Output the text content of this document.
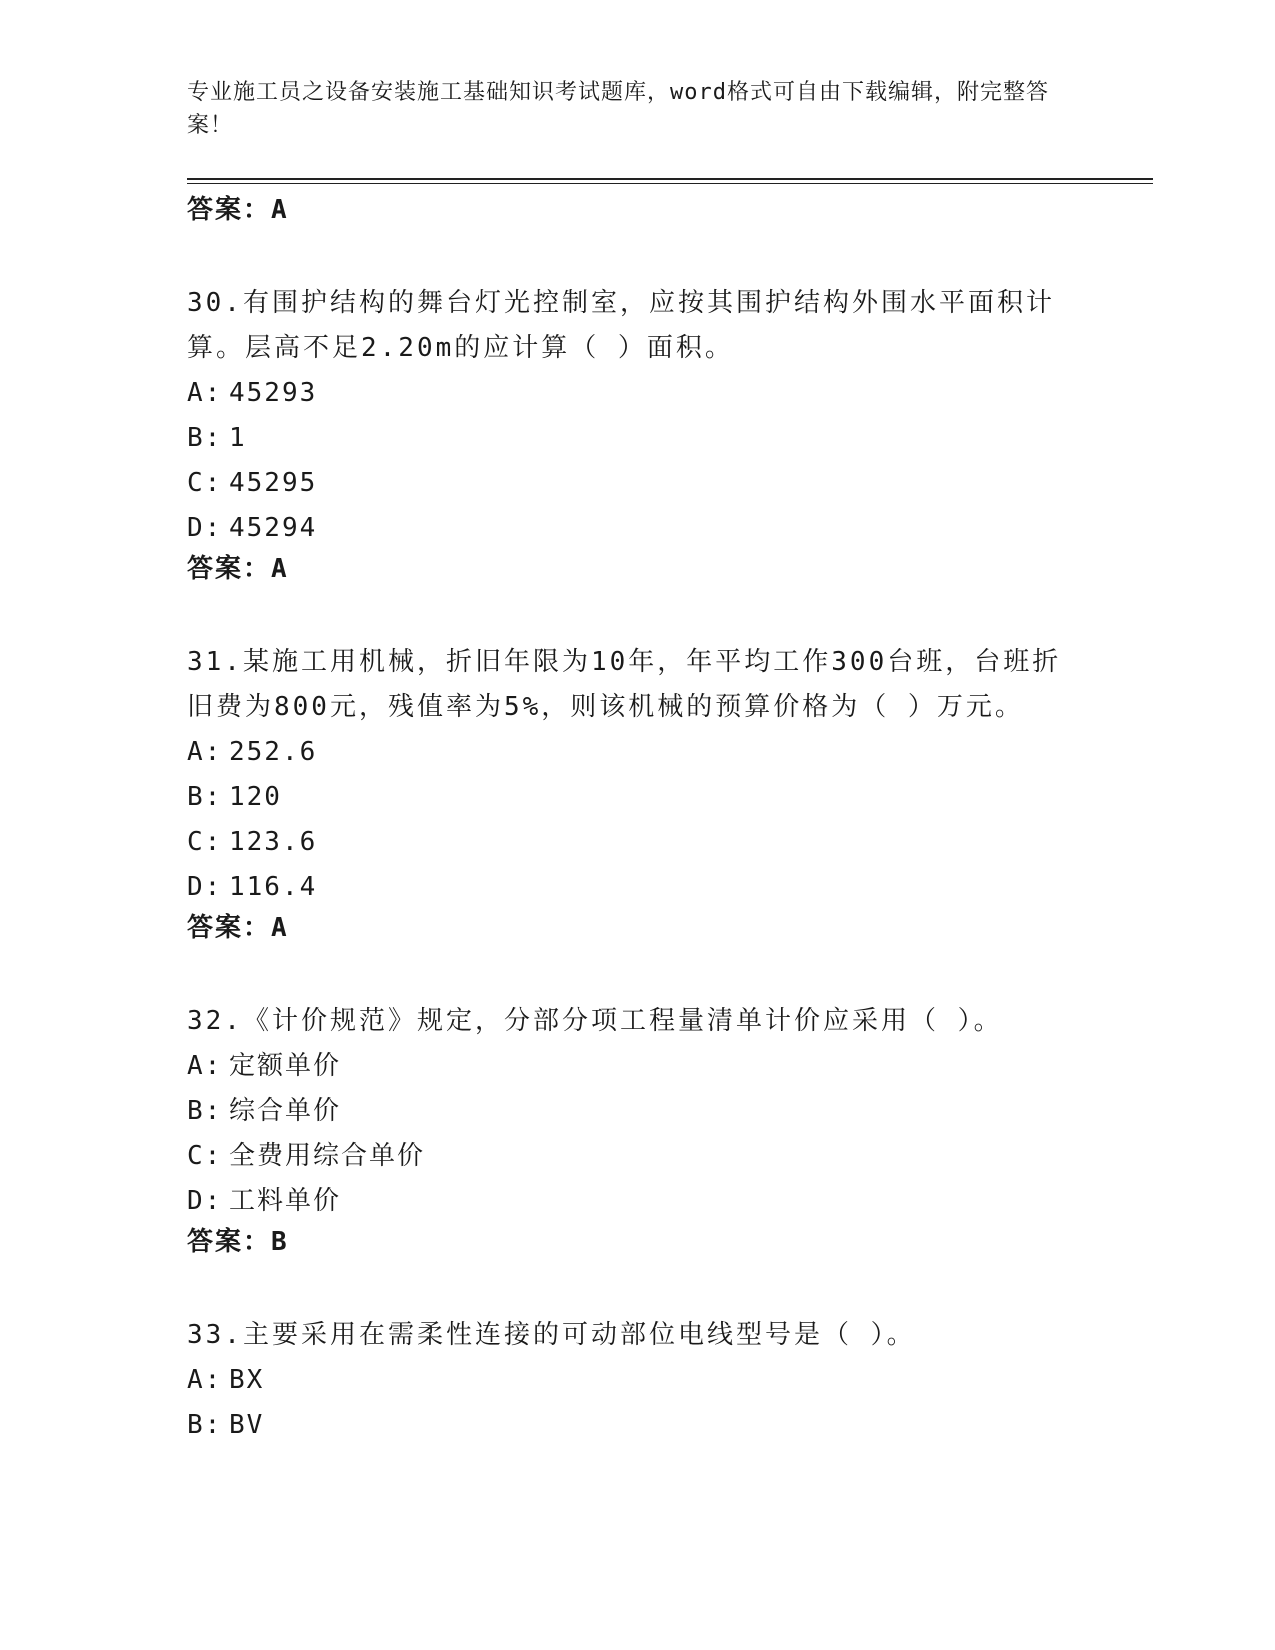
专业施工员之设备安装施工基础知识考试题库，word格式可自由下载编辑，附完整答案！
答案：A
30.有围护结构的舞台灯光控制室，应按其围护结构外围水平面积计算。层高不足2.20m的应计算（ ）面积。
A: 45293
B: 1
C: 45295
D: 45294
答案：A
31.某施工用机械，折旧年限为10年，年平均工作300台班，台班折旧费为800元，残值率为5%，则该机械的预算价格为（ ）万元。
A: 252.6
B: 120
C: 123.6
D: 116.4
答案：A
32.《计价规范》规定，分部分项工程量清单计价应采用（ ）。
A: 定额单价
B: 综合单价
C: 全费用综合单价
D: 工料单价
答案：B
33.主要采用在需柔性连接的可动部位电线型号是（ ）。
A: BX
B: BV
